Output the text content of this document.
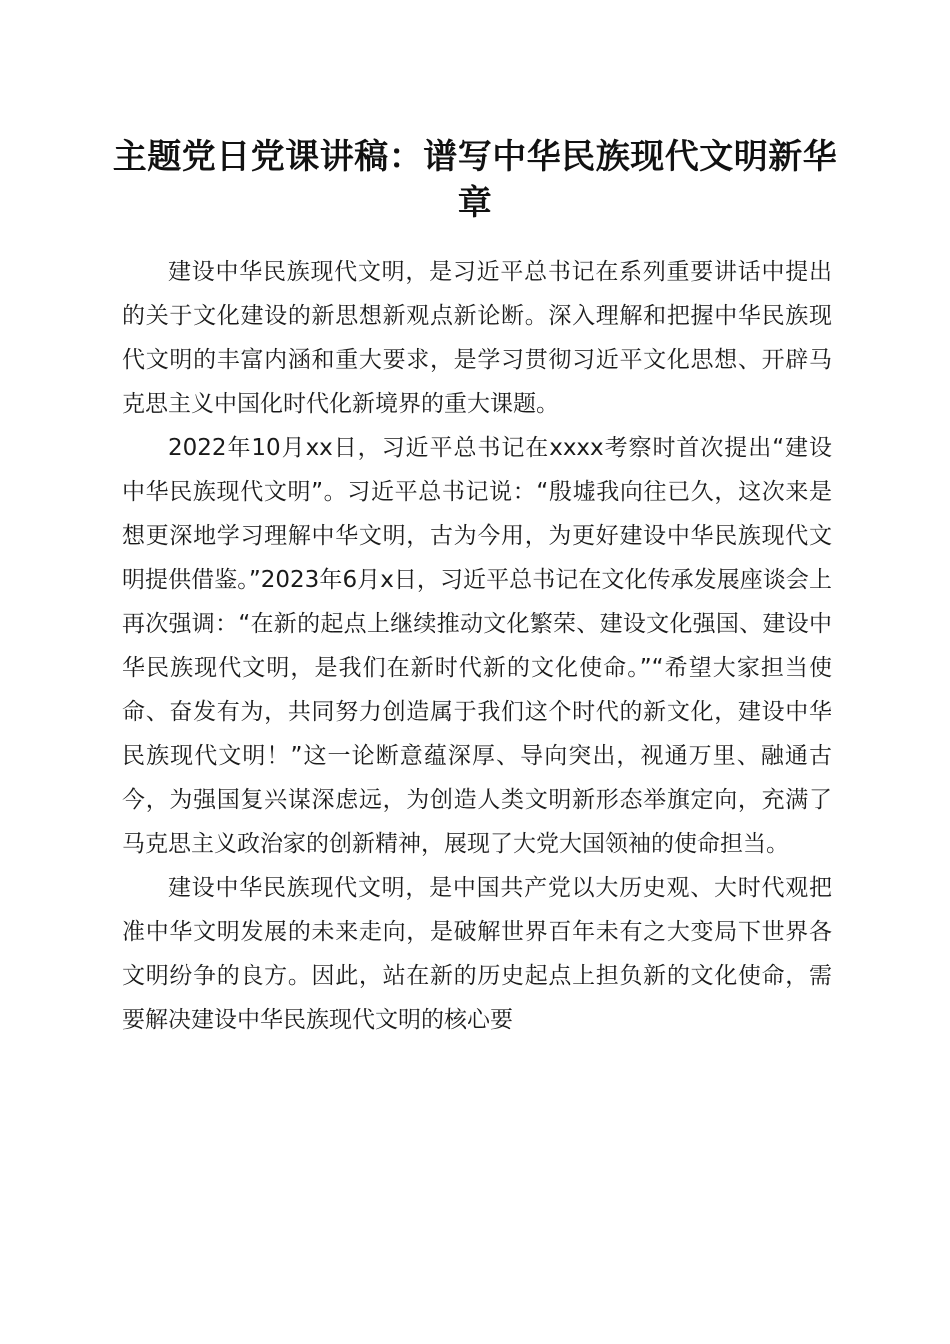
主题党日党课讲稿：谱写中华民族现代文明新华章

建设中华民族现代文明，是习近平总书记在系列重要讲话中提出的关于文化建设的新思想新观点新论断。深入理解和把握中华民族现代文明的丰富内涵和重大要求，是学习贯彻习近平文化思想、开辟马克思主义中国化时代化新境界的重大课题。

2022年10月xx日，习近平总书记在xxxx考察时首次提出“建设中华民族现代文明”。习近平总书记说：“殷墟我向往已久，这次来是想更深地学习理解中华文明，古为今用，为更好建设中华民族现代文明提供借鉴。”2023年6月x日，习近平总书记在文化传承发展座谈会上再次强调：“在新的起点上继续推动文化繁荣、建设文化强国、建设中华民族现代文明，是我们在新时代新的文化使命。”“希望大家担当使命、奋发有为，共同努力创造属于我们这个时代的新文化，建设中华民族现代文明！”这一论断意蕴深厚、导向突出，视通万里、融通古今，为强国复兴谋深虑远，为创造人类文明新形态举旗定向，充满了马克思主义政治家的创新精神，展现了大党大国领袖的使命担当。

建设中华民族现代文明，是中国共产党以大历史观、大时代观把准中华文明发展的未来走向，是破解世界百年未有之大变局下世界各文明纷争的良方。因此，站在新的历史起点上担负新的文化使命，需要解决建设中华民族现代文明的核心要
